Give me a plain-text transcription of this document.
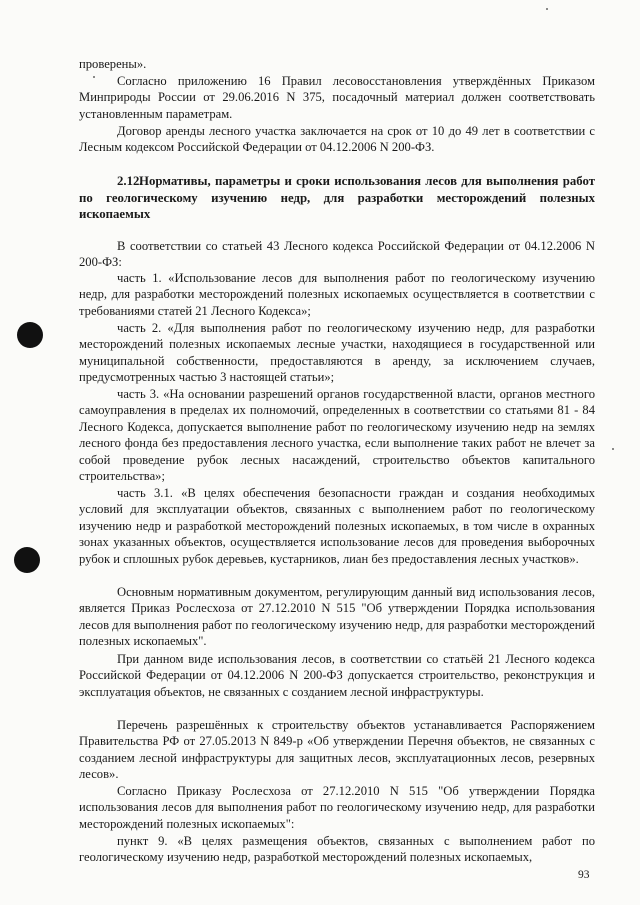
проверены».

Согласно приложению 16 Правил лесовосстановления утверждённых Приказом Минприроды России от 29.06.2016 N 375, посадочный материал должен соответствовать установленным параметрам.

Договор аренды лесного участка заключается на срок от 10 до 49 лет в соответствии с Лесным кодексом Российской Федерации от 04.12.2006 N 200-ФЗ.

2.12.Нормативы, параметры и сроки использования лесов для выполнения работ по геологическому изучению недр, для разработки месторождений полезных ископаемых

В соответствии со статьей 43 Лесного кодекса Российской Федерации от 04.12.2006 N 200-ФЗ:

часть 1. «Использование лесов для выполнения работ по геологическому изучению недр, для разработки месторождений полезных ископаемых осуществляется в соответствии с требованиями статей 21 Лесного Кодекса»;

часть 2. «Для выполнения работ по геологическому изучению недр, для разработки месторождений полезных ископаемых лесные участки, находящиеся в государственной или муниципальной собственности, предоставляются в аренду, за исключением случаев, предусмотренных частью 3 настоящей статьи»;

часть 3. «На основании разрешений органов государственной власти, органов местного самоуправления в пределах их полномочий, определенных в соответствии со статьями 81 - 84 Лесного Кодекса, допускается выполнение работ по геологическому изучению недр на землях лесного фонда без предоставления лесного участка, если выполнение таких работ не влечет за собой проведение рубок лесных насаждений, строительство объектов капитального строительства»;

часть 3.1. «В целях обеспечения безопасности граждан и создания необходимых условий для эксплуатации объектов, связанных с выполнением работ по геологическому изучению недр и разработкой месторождений полезных ископаемых, в том числе в охранных зонах указанных объектов, осуществляется использование лесов для проведения выборочных рубок и сплошных рубок деревьев, кустарников, лиан без предоставления лесных участков».

Основным нормативным документом, регулирующим данный вид использования лесов, является Приказ Рослесхоза от 27.12.2010 N 515 "Об утверждении Порядка использования лесов для выполнения работ по геологическому изучению недр, для разработки месторождений полезных ископаемых".

При данном виде использования лесов, в соответствии со статьёй 21 Лесного кодекса Российской Федерации от 04.12.2006 N 200-ФЗ допускается строительство, реконструкция и эксплуатация объектов, не связанных с созданием лесной инфраструктуры.

Перечень разрешённых к строительству объектов устанавливается Распоряжением Правительства РФ от 27.05.2013 N 849-р «Об утверждении Перечня объектов, не связанных с созданием лесной инфраструктуры для защитных лесов, эксплуатационных лесов, резервных лесов».

Согласно Приказу Рослесхоза от 27.12.2010 N 515 "Об утверждении Порядка использования лесов для выполнения работ по геологическому изучению недр, для разработки месторождений полезных ископаемых":

пункт 9. «В целях размещения объектов, связанных с выполнением работ по геологическому изучению недр, разработкой месторождений полезных ископаемых,

93
